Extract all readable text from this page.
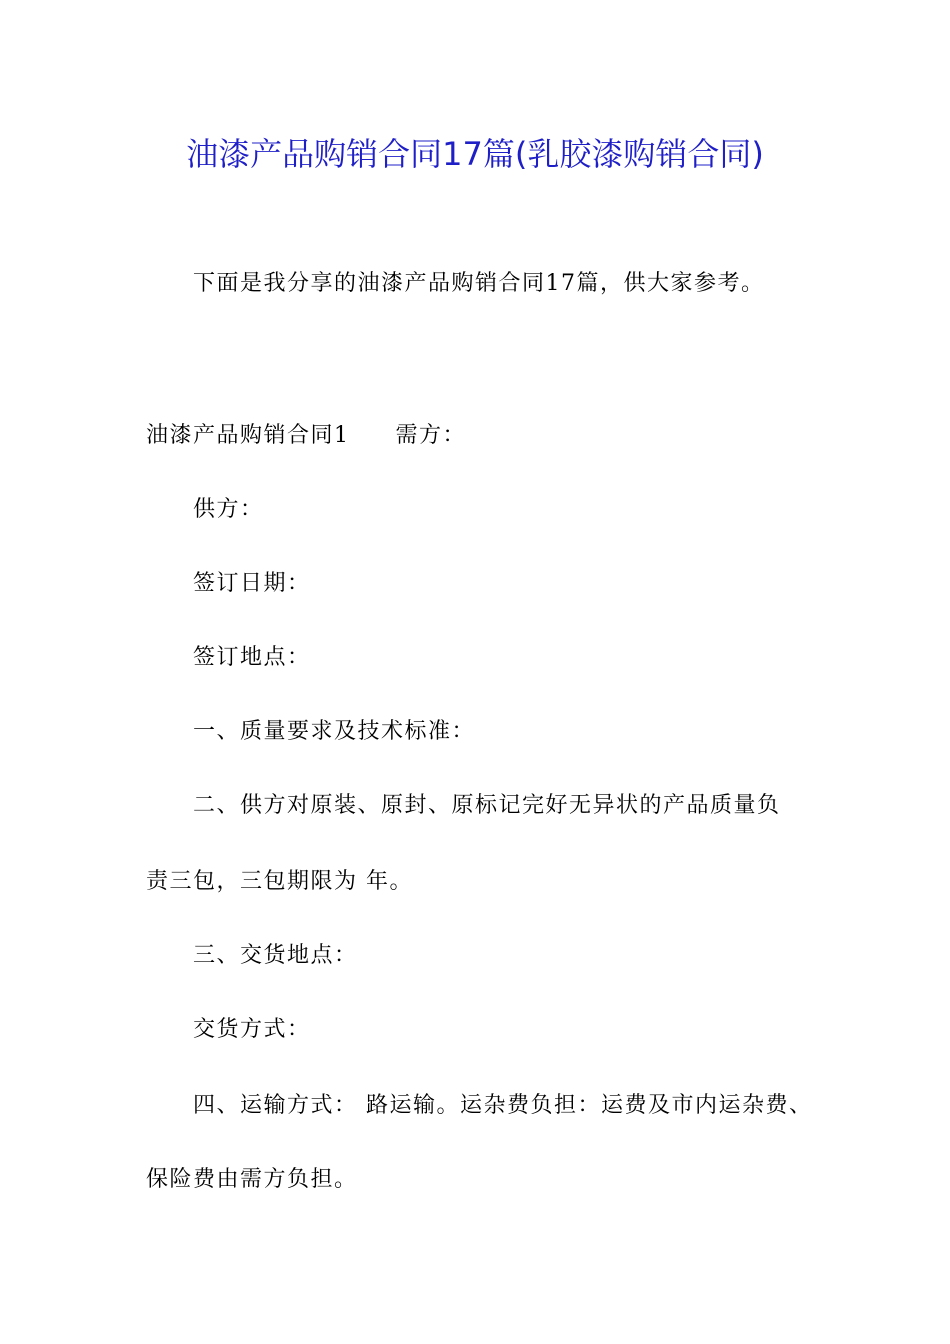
油漆产品购销合同17篇(乳胶漆购销合同)
下面是我分享的油漆产品购销合同17篇，供大家参考。
油漆产品购销合同1 需方：
供方：
签订日期：
签订地点：
一、质量要求及技术标准：
二、供方对原装、原封、原标记完好无异状的产品质量负
责三包，三包期限为 年。
三、交货地点：
交货方式：
四、运输方式： 路运输。运杂费负担：运费及市内运杂费、
保险费由需方负担。
